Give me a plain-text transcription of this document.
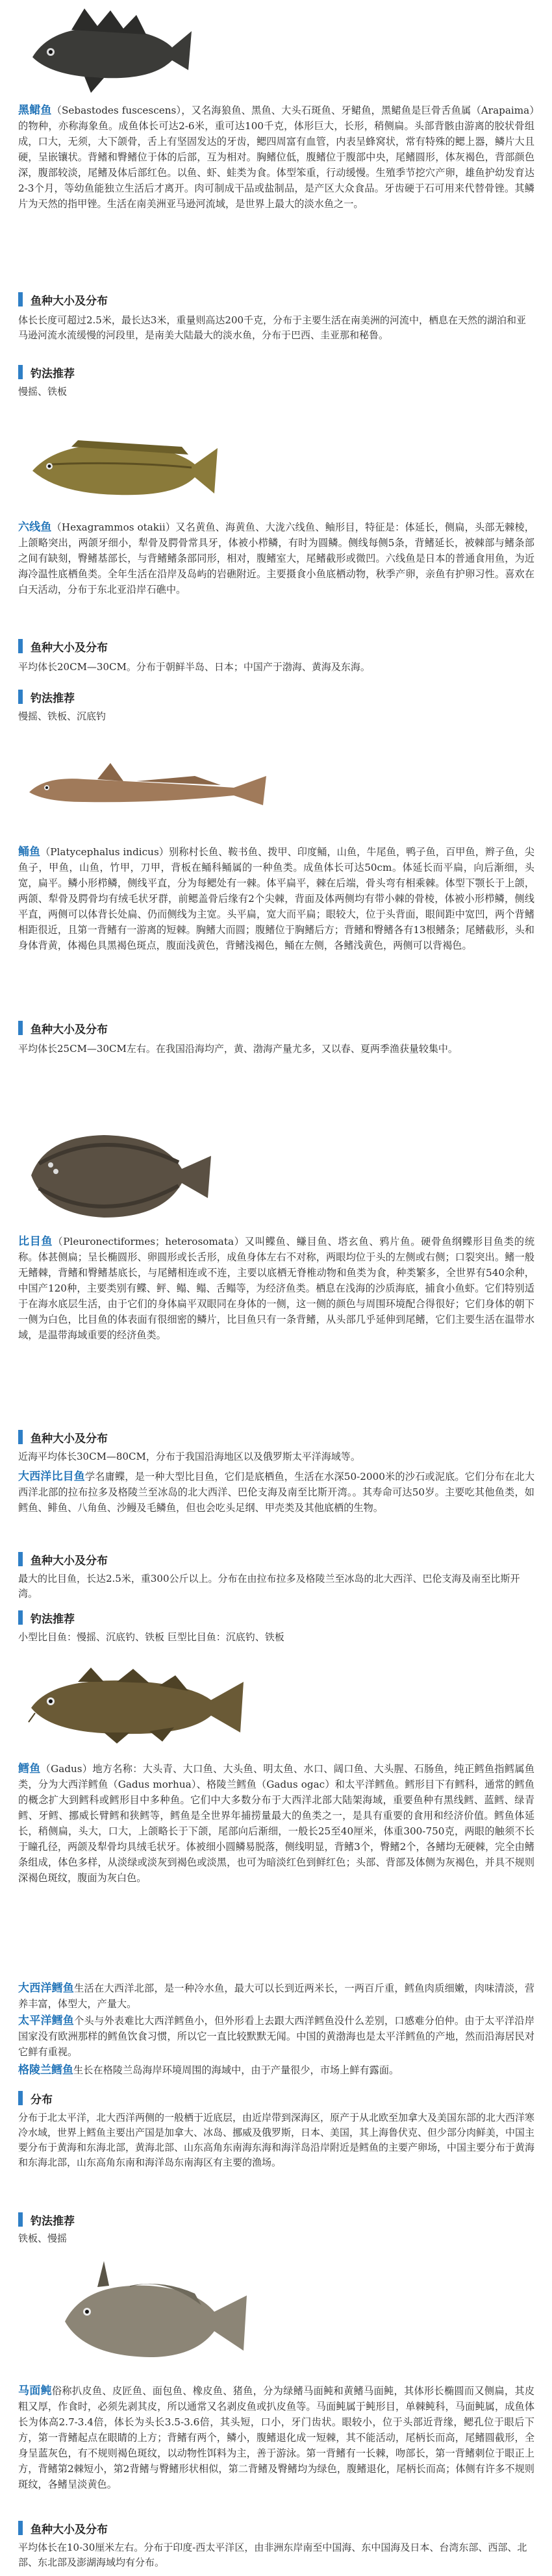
黑鲪鱼（Sebastodes fuscescens），又名海狼鱼、黑鱼、大头石斑鱼、牙鲪鱼，黑鲪鱼是巨骨舌鱼属（Arapaima）的物种，亦称海象鱼。成鱼体长可达2-6米，重可达100千克，体形巨大，长形，稍侧扁。头部背骸由游离的胶状骨组成，口大，无须，大下颌骨，舌上有坚固发达的牙齿，鳃四周富有血管，内表呈蜂窝状，常有特殊的鳃上器，鳞片大且硬，呈嵌镶状。背鳍和臀鳍位于体的后部，互为相对。胸鳍位低，腹鳍位于腹部中央，尾鳍圆形，体灰褐色，背部颜色深，腹部较淡，尾鳍及体后部红色。以鱼、虾、蛙类为食。体型笨重，行动缓慢。生殖季节挖穴产卵，雄鱼护幼发育达2-3个月，等幼鱼能独立生活后才离开。肉可制成干品或盐制品，是产区大众食品。牙齿硬于石可用来代替骨锉。其鳞片为天然的指甲锉。生活在南美洲亚马逊河流域，是世界上最大的淡水鱼之一。
鱼种大小及分布
体长长度可超过2.5米，最长达3米，重量则高达200千克，分布于主要生活在南美洲的河流中，栖息在天然的湖泊和亚马逊河流水流缓慢的河段里，是南美大陆最大的淡水鱼，分布于巴西、圭亚那和秘鲁。
钓法推荐
慢摇、铁板
六线鱼（Hexagrammos otakii）又名黄鱼、海黄鱼、大泷六线鱼、鲉形目，特征是：体延长，侧扁，头部无棘棱，上颌略突出，两颌牙细小，犁骨及腭骨常具牙，体被小栉鳞，有时为圆鳞。侧线每侧5条，背鳍延长，被棘部与鳍条部之间有缺刻，臀鳍基部长，与背鳍鳍条部同形，相对，腹鳍室大，尾鳍截形或微凹。六线鱼是日本的普通食用鱼，为近海冷温性底栖鱼类。全年生活在沿岸及岛屿的岩礁附近。主要摄食小鱼底栖动物，秋季产卵，亲鱼有护卵习性。喜欢在白天活动，分布于东北亚沿岸石礁中。
鱼种大小及分布
平均体长20CM—30CM。分布于朝鲜半岛、日本；中国产于渤海、黄海及东海。
钓法推荐
慢摇、铁板、沉底钓
鲬鱼（Platycephalus indicus）别称村长鱼、鞍书鱼、拨甲、印度鲬，山鱼，牛尾鱼，鸭子鱼，百甲鱼，辫子鱼，尖鱼子，甲鱼，山鱼，竹甲，刀甲，背板在鲬科鲬属的一种鱼类。成鱼体长可达50cm。体延长而平扁，向后渐细，头宽，扁平。鳞小形栉鳞，侧线平直，分为每鳃处有一棘。体平扁平，棘在后端，骨头弯有相乘棘。体型下颚长于上颌，两颌、犁骨及腭骨均有绒毛状牙群，前鳃盖骨后缘有2个尖棘，背面及体两侧均有带小棘的骨棱，体被小形栉鳞，侧线平直，两侧可以体背长处扁、仍而侧线为主宽。头平扁，宽大而平扁；眼较大，位于头背面，眼间距中宽凹，两个背鳍相距很近，且第一背鳍有一游离的短棘。胸鳍大而圆；腹鳍位于胸鳍后方；背鳍和臀鳍各有13根鳍条；尾鳍截形，头和身体背黄，体褐色具黑褐色斑点，腹面浅黄色，背鳍浅褐色，鲬在左侧，各鳍浅黄色，两侧可以背褐色。
鱼种大小及分布
平均体长25CM—30CM左右。在我国沿海均产，黄、渤海产量尤多，又以春、夏两季渔获量较集中。
比目鱼（Pleuronectiformes；heterosomata）又叫鲽鱼、鳒目鱼、塔玄鱼、鸦片鱼。硬骨鱼纲鲽形目鱼类的统称。体甚侧扁；呈长椭圆形、卵圆形或长舌形，成鱼身体左右不对称，两眼均位于头的左侧或右侧；口裂突出。鳍一般无鳍棘，背鳍和臀鳍基底长，与尾鳍相连或不连，主要以底栖无脊椎动物和鱼类为食，种类繁多，全世界有540余种，中国产120种，主要类别有鲽、鲆、鳎、鳎、舌鳎等，为经济鱼类。栖息在浅海的沙质海底，捕食小鱼虾。它们特别适于在海水底层生活，由于它们的身体扁平双眼同在身体的一侧，这一侧的颜色与周围环境配合得很好；它们身体的朝下一侧为白色，比目鱼的体表面有很细密的鳞片，比目鱼只有一条背鳍，从头部几乎延伸到尾鳍，它们主要生活在温带水域，是温带海域重要的经济鱼类。
鱼种大小及分布
近海平均体长30CM—80CM，分布于我国沿海地区以及俄罗斯太平洋海域等。
大西洋比目鱼学名庸鲽，是一种大型比目鱼，它们是底栖鱼，生活在水深50-2000米的沙石或泥底。它们分布在北大西洋北部的拉布拉多及格陵兰至冰岛的北大西洋、巴伦支海及南至比斯开湾。。其寿命可达50岁。主要吃其他鱼类，如鳕鱼、鲱鱼、八角鱼、沙鳗及毛鳞鱼，但也会吃头足纲、甲壳类及其他底栖的生物。
鱼种大小及分布
最大的比目鱼，长达2.5米，重300公斤以上。分布在由拉布拉多及格陵兰至冰岛的北大西洋、巴伦支海及南至比斯开湾。
钓法推荐
小型比目鱼：慢摇、沉底钓、铁板 巨型比目鱼：沉底钓、铁板
鳕鱼（Gadus）地方名称：大头青、大口鱼、大头鱼、明太鱼、水口、阔口鱼、大头腥、石肠鱼，纯正鳕鱼指鳕属鱼类，分为大西洋鳕鱼（Gadus morhua）、格陵兰鳕鱼（Gadus ogac）和太平洋鳕鱼。鳕形目下有鳕科，通常的鳕鱼的概念扩大到鳕科或鳕形目中多种鱼。它们中大多数分布于大西洋北部大陆架海域，重要鱼种有黑线鳕、蓝鳕、绿青鳕、牙鳕、挪威长臂鳕和狭鳕等，鳕鱼是全世界年捕捞量最大的鱼类之一，是具有重要的食用和经济价值。鳕鱼体延长，稍侧扁，头大，口大，上颌略长于下颌，尾部向后渐细，一般长25至40厘米，体重300-750克，两眼的触须不长于瞳孔径，两颌及犁骨均具绒毛状牙。体被细小圆鳞易脱落，侧线明显，背鳍3个，臀鳍2个，各鳍均无硬棘，完全由鳍条组成，体色多样，从淡绿或淡灰到褐色或淡黑，也可为暗淡红色到鲜红色；头部、背部及体侧为灰褐色，并具不规则深褐色斑纹，腹面为灰白色。
大西洋鳕鱼生活在大西洋北部，是一种冷水鱼，最大可以长到近两米长，一两百斤重，鳕鱼肉质细嫩，肉味清淡，营养丰富，体型大，产量大。
太平洋鳕鱼个头与外表难比大西洋鳕鱼小，但外形看上去跟大西洋鳕鱼没什么差别，口感难分伯仲。由于太平洋沿岸国家没有欧洲那样的鳕鱼饮食习惯，所以它一直比较默默无闻。中国的黄渤海也是太平洋鳕鱼的产地，然而沿海居民对它鲜有重视。
格陵兰鳕鱼生长在格陵兰岛海岸环境周围的海域中，由于产量很少，市场上鲜有露面。
分布
分布于北太平洋，北大西洋两侧的一般栖于近底层，由近岸带到深海区，原产于从北欧至加拿大及美国东部的北大西洋寒冷水域，世界上鳕鱼主要出产国是加拿大、冰岛、挪威及俄罗斯，日本、美国，其上海鲁伏克、但少部分肉鲜美，中国主要分布于黄海和东海北部，黄海北部、山东高角东南海东海和海洋岛沿岸附近是鳕鱼的主要产卵场，中国主要分布于黄海和东海北部，山东高角东南和海洋岛东南海区有主要的渔场。
钓法推荐
铁板、慢摇
马面鲀俗称扒皮鱼、皮匠鱼、面包鱼、橡皮鱼、猪鱼，分为绿鳍马面鲀和黄鳍马面鲀，其体形长椭圆而又侧扁，其皮粗又厚，作食时，必须先剥其皮，所以通常又名剥皮鱼或扒皮鱼等。马面鲀属于鲀形目，单棘鲀科，马面鲀属，成鱼体长为体高2.7-3.4倍，体长为头长3.5-3.6倍，其头短，口小，牙门齿状。眼较小，位于头部近背缘，鳃孔位于眼后下方，第一背鳍起点在眼睛的上方；背鳍有两个，鳞小，腹鳍退化成一短棘，其不能活动，尾柄长而高，尾鳍圆截形，全身呈蓝灰色，有不规则褐色斑纹，以动物性饵料为主，善于游泳。第一背鳍有一长棘，吻部长，第一背鳍刺位于眼正上方，背鳍第2棘短小，第2背鳍与臀鳍形状相似，第二背鳍及臀鳍均为绿色，腹鳍退化，尾柄长而高；体侧有许多不规则斑纹，各鳍呈淡黄色。
鱼种大小及分布
平均体长在10-30厘米左右。分布于印度-西太平洋区，由非洲东岸南至中国海、东中国海及日本、台湾东部、西部、北部、东北部及澎湖海域均有分布。
